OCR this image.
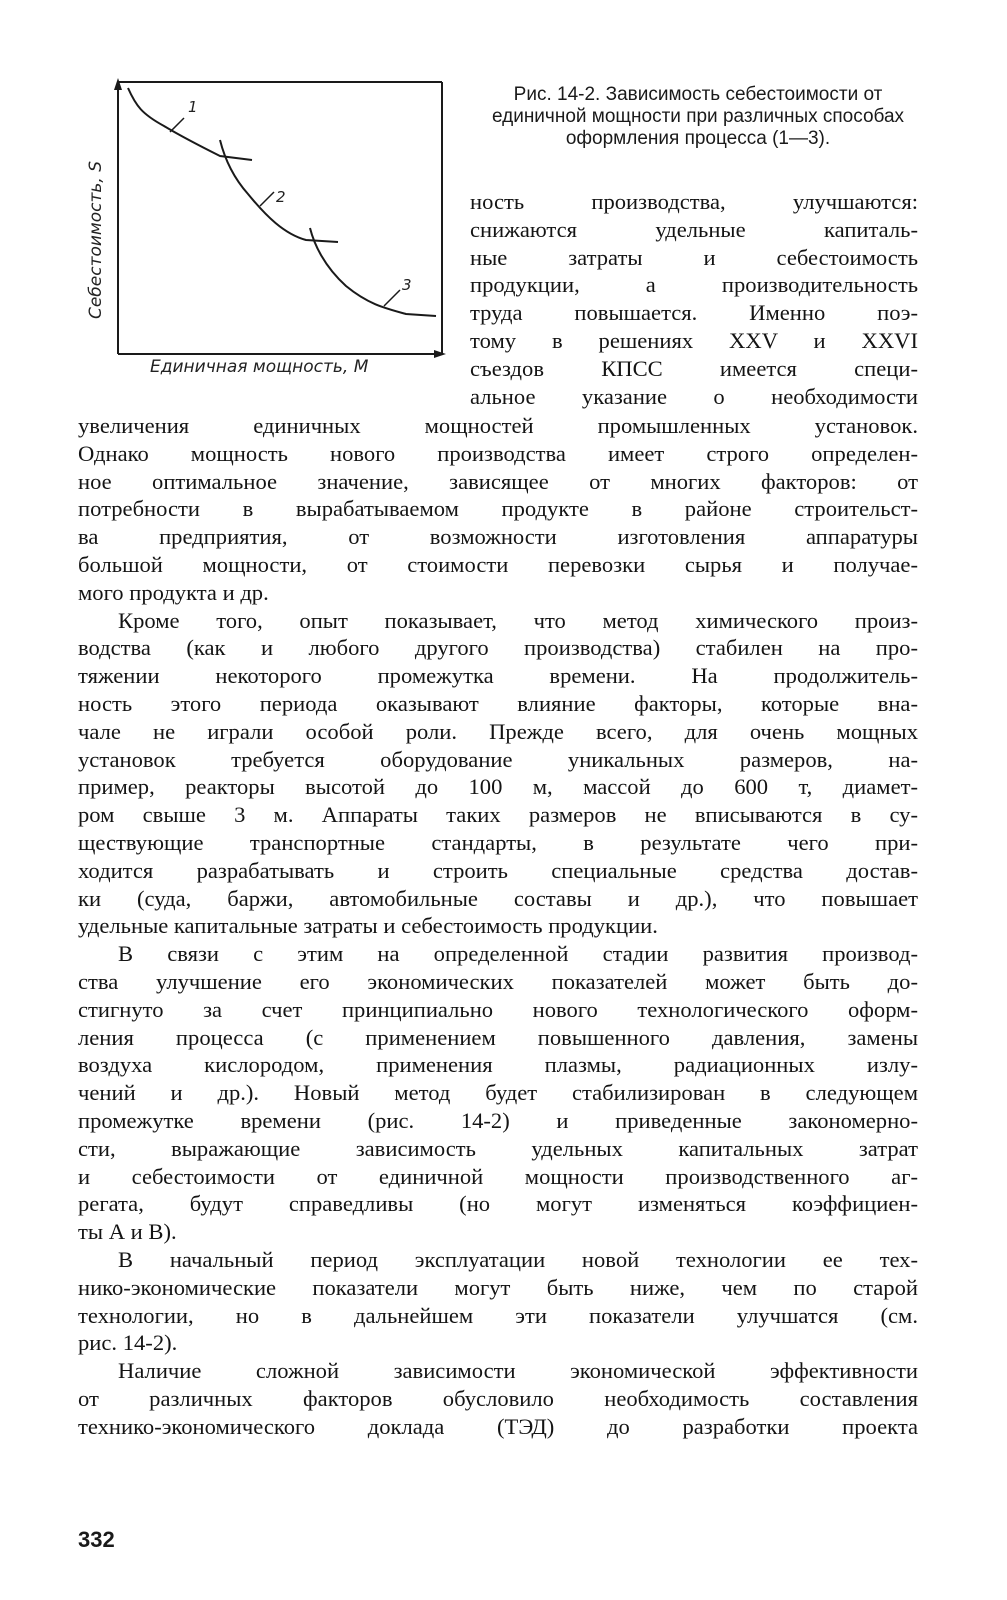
1
2
3
Себестоимость, S
Единичная мощность, M
Рис. 14-2. Зависимость себестоимости от единичной мощности при различных способах оформления процесса (1—3).
ность производства, улучшаются:
снижаются удельные капиталь-
ные затраты и себестоимость
продукции, а производительность
труда повышается. Именно поэ-
тому в решениях XXV и XXVI
съездов КПСС имеется специ-
альное указание о необходимости
увеличения единичных мощностей промышленных установок.
Однако мощность нового производства имеет строго определен-
ное оптимальное значение, зависящее от многих факторов: от
потребности в вырабатываемом продукте в районе строительст-
ва предприятия, от возможности изготовления аппаратуры
большой мощности, от стоимости перевозки сырья и получае-
мого продукта и др.
Кроме того, опыт показывает, что метод химического произ-
водства (как и любого другого производства) стабилен на про-
тяжении некоторого промежутка времени. На продолжитель-
ность этого периода оказывают влияние факторы, которые вна-
чале не играли особой роли. Прежде всего, для очень мощных
установок требуется оборудование уникальных размеров, на-
пример, реакторы высотой до 100 м, массой до 600 т, диамет-
ром свыше 3 м. Аппараты таких размеров не вписываются в су-
ществующие транспортные стандарты, в результате чего при-
ходится разрабатывать и строить специальные средства достав-
ки (суда, баржи, автомобильные составы и др.), что повышает
удельные капитальные затраты и себестоимость продукции.
В связи с этим на определенной стадии развития производ-
ства улучшение его экономических показателей может быть до-
стигнуто за счет принципиально нового технологического оформ-
ления процесса (с применением повышенного давления, замены
воздуха кислородом, применения плазмы, радиационных излу-
чений и др.). Новый метод будет стабилизирован в следующем
промежутке времени (рис. 14-2) и приведенные закономерно-
сти, выражающие зависимость удельных капитальных затрат
и себестоимости от единичной мощности производственного аг-
регата, будут справедливы (но могут изменяться коэффициен-
ты А и В).
В начальный период эксплуатации новой технологии ее тех-
нико-экономические показатели могут быть ниже, чем по старой
технологии, но в дальнейшем эти показатели улучшатся (см.
рис. 14-2).
Наличие сложной зависимости экономической эффективности
от различных факторов обусловило необходимость составления
технико-экономического доклада (ТЭД) до разработки проекта
332
